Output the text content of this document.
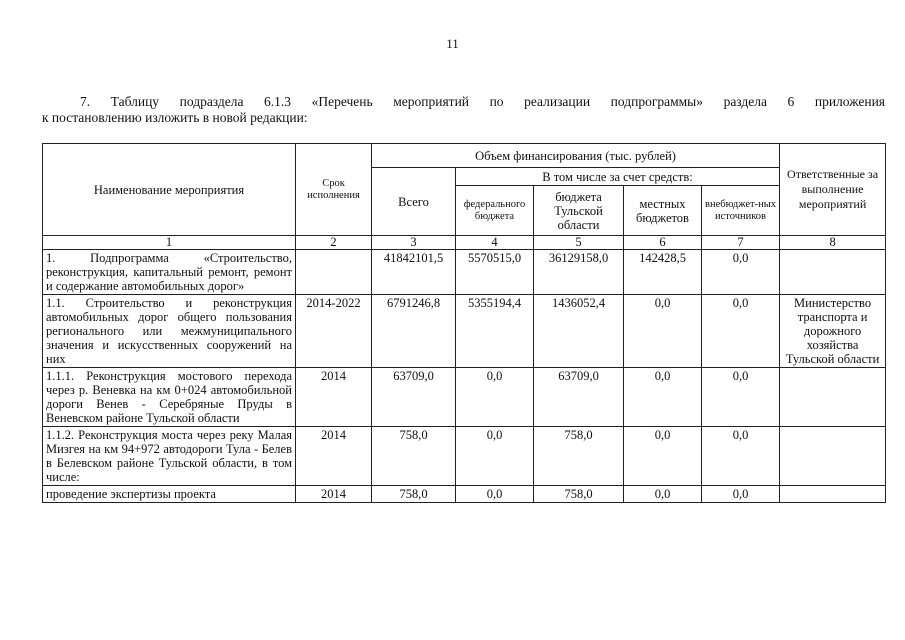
11
7. Таблицу подраздела 6.1.3 «Перечень мероприятий по реализации подпрограммы» раздела 6 приложения
к постановлению изложить в новой редакции:
Наименование мероприятия	Срок исполнения	Объем финансирования (тыс. рублей)					Ответственные за выполнение мероприятий
		Всего	В том числе за счет средств:				
			федерального бюджета	бюджета Тульской области	местных бюджетов	внебюджет-ных источников	
1	2	3	4	5	6	7	8
1. Подпрограмма «Строительство, реконструкция, капитальный ремонт, ремонт и содержание автомобильных дорог»		41842101,5	5570515,0	36129158,0	142428,5	0,0	
1.1. Строительство и реконструкция автомобильных дорог общего пользования регионального или межмуниципального значения и искусственных сооружений на них	2014-2022	6791246,8	5355194,4	1436052,4	0,0	0,0	Министерство транспорта и дорожного хозяйства Тульской области
1.1.1. Реконструкция мостового перехода через р. Веневка на км 0+024 автомобильной дороги Венев - Серебряные Пруды в Веневском районе Тульской области	2014	63709,0	0,0	63709,0	0,0	0,0	
1.1.2. Реконструкция моста через реку Малая Мизгея на км 94+972 автодороги Тула - Белев в Белевском районе Тульской области, в том числе:	2014	758,0	0,0	758,0	0,0	0,0	
проведение экспертизы проекта	2014	758,0	0,0	758,0	0,0	0,0	
